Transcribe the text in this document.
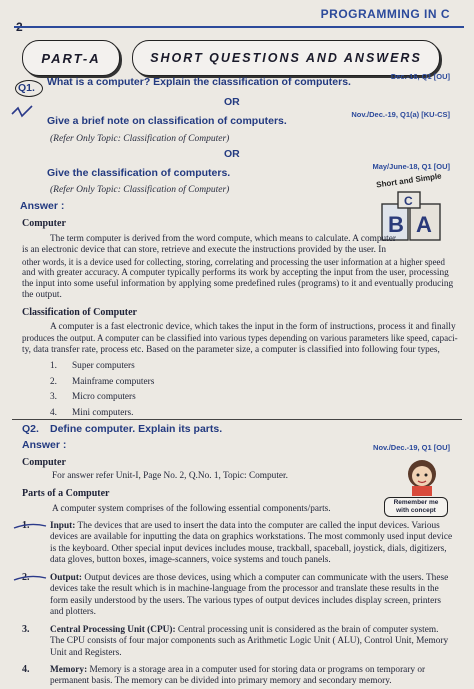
PROGRAMMING IN C
PART-A	SHORT QUESTIONS AND ANSWERS
Q1. What is a computer? Explain the classification of computers.	Dec.-16, Q1 [OU]
OR
Nov./Dec.-19, Q1(a) [KU-CS]
Give a brief note on classification of computers.
(Refer Only Topic: Classification of Computer)
OR
May/June-18, Q1 [OU]
Give the classification of computers.
(Refer Only Topic: Classification of Computer)
Answer :
Short and Simple
B
C
A
Computer
The term computer is derived from the word compute, which means to calculate. A computer
is an electronic device that can store, retrieve and execute the instructions provided by the user. In
other words, it is a device used for collecting, storing, correlating and processing the user information at a higher speed
and with greater accuracy. A computer typically performs its work by accepting the input from the user, processing
the input into some useful information by applying some predefined rules (programs) to it and eventually producing
the output.
Classification of Computer
A computer is a fast electronic device, which takes the input in the form of instructions, process it and finally
produces the output. A computer can be classified into various types depending on various parameters like speed, capaci-
ty, data transfer rate, process etc. Based on the parameter size, a computer is classified into following four types,
1. Super computers
2. Mainframe computers
3. Micro computers
4. Mini computers.
Q2. Define computer. Explain its parts.
Answer :	Nov./Dec.-19, Q1 [OU]
Computer
For answer refer Unit-I, Page No. 2, Q.No. 1, Topic: Computer.
Parts of a Computer
A computer system comprises of the following essential components/parts.
Remember me
with concept
1. Input: The devices that are used to insert the data into the computer are called the input devices. Various
devices are available for inputting the data on graphics workstations. The most commonly used input device
is the keyboard. Other special input devices includes mouse, trackball, spaceball, joystick, dials, digitizers,
data gloves, button boxes, image-scanners, voice systems and touch panels.
2. Output: Output devices are those devices, using which a computer can communicate with the users. These
devices take the result which is in machine-language from the processor and translate these results in the
form easily understood by the users. The various types of output devices includes display screen, printers
and plotters.
3. Central Processing Unit (CPU): Central processing unit is considered as the brain of computer system.
The CPU consists of four major components such as Arithmetic Logic Unit ( ALU), Control Unit, Memory
Unit and Registers.
4. Memory: Memory is a storage area in a computer used for storing data or programs on temporary or
permanent basis. The memory can be divided into primary memory and secondary memory.
